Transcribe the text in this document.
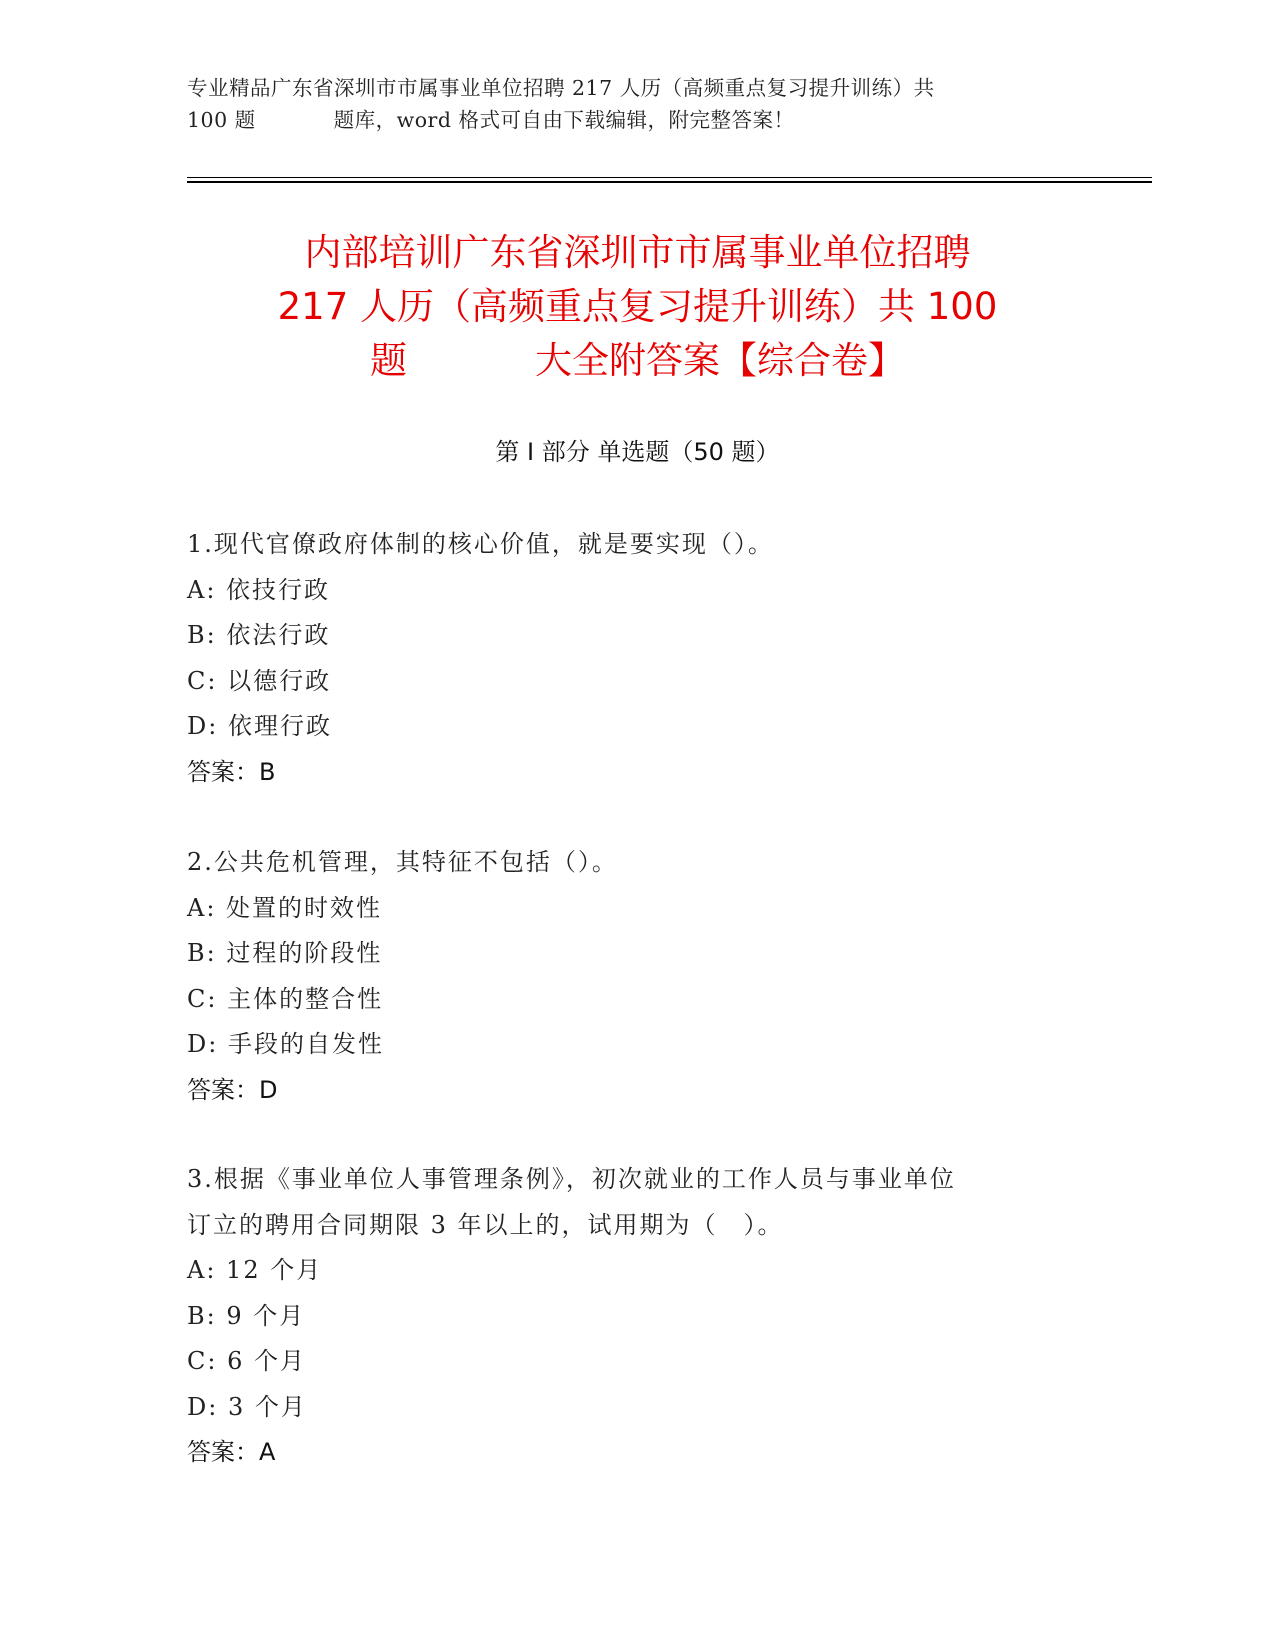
专业精品广东省深圳市市属事业单位招聘 217 人历（高频重点复习提升训练）共
100 题	题库，word 格式可自由下载编辑，附完整答案！
内部培训广东省深圳市市属事业单位招聘
217 人历（高频重点复习提升训练）共 100
题	大全附答案【综合卷】
第 I 部分 单选题（50 题）
1.现代官僚政府体制的核心价值，就是要实现（）。
A: 依技行政
B: 依法行政
C: 以德行政
D: 依理行政
答案：B
2.公共危机管理，其特征不包括（）。
A: 处置的时效性
B: 过程的阶段性
C: 主体的整合性
D: 手段的自发性
答案：D
3.根据《事业单位人事管理条例》，初次就业的工作人员与事业单位
订立的聘用合同期限 3 年以上的，试用期为（　）。
A: 12 个月
B: 9 个月
C: 6 个月
D: 3 个月
答案：A
